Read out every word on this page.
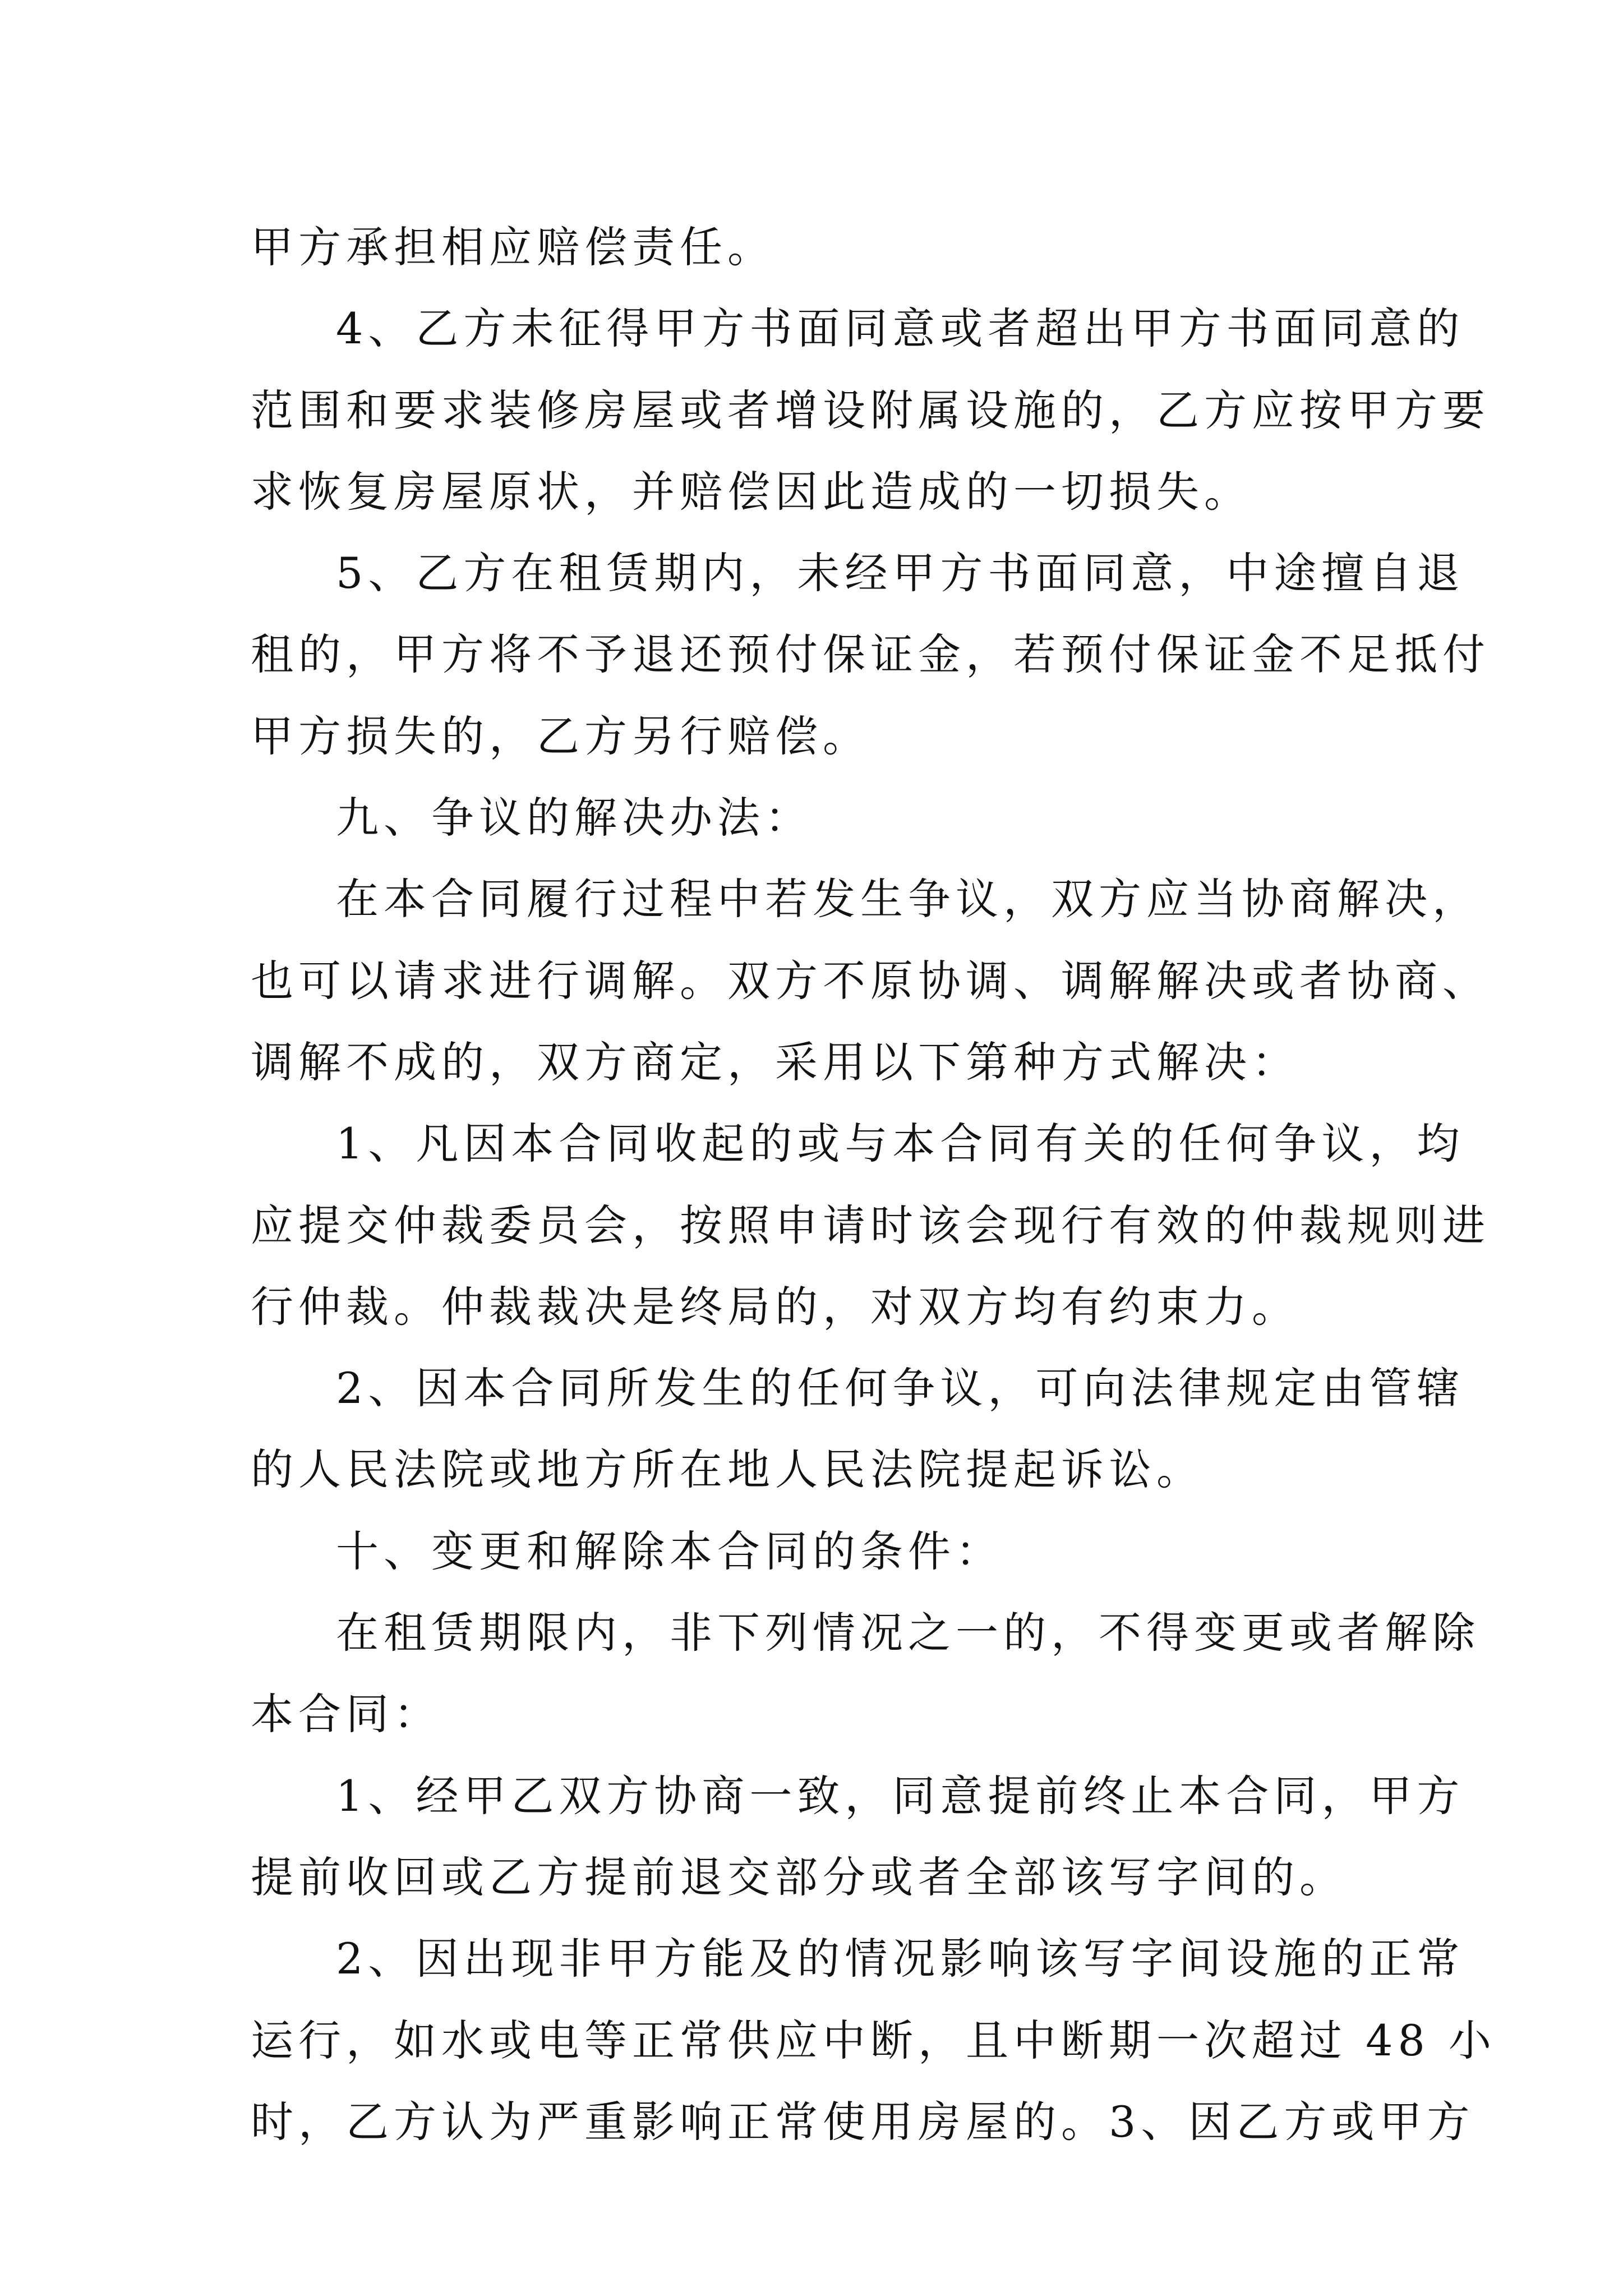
甲方承担相应赔偿责任。
4、乙方未征得甲方书面同意或者超出甲方书面同意的
范围和要求装修房屋或者增设附属设施的，乙方应按甲方要
求恢复房屋原状，并赔偿因此造成的一切损失。
5、乙方在租赁期内，未经甲方书面同意，中途擅自退
租的，甲方将不予退还预付保证金，若预付保证金不足抵付
甲方损失的，乙方另行赔偿。
九、争议的解决办法：
在本合同履行过程中若发生争议，双方应当协商解决，
也可以请求进行调解。双方不原协调、调解解决或者协商、
调解不成的，双方商定，采用以下第种方式解决：
1、凡因本合同收起的或与本合同有关的任何争议，均
应提交仲裁委员会，按照申请时该会现行有效的仲裁规则进
行仲裁。仲裁裁决是终局的，对双方均有约束力。
2、因本合同所发生的任何争议，可向法律规定由管辖
的人民法院或地方所在地人民法院提起诉讼。
十、变更和解除本合同的条件：
在租赁期限内，非下列情况之一的，不得变更或者解除
本合同：
1、经甲乙双方协商一致，同意提前终止本合同，甲方
提前收回或乙方提前退交部分或者全部该写字间的。
2、因出现非甲方能及的情况影响该写字间设施的正常
运行，如水或电等正常供应中断，且中断期一次超过 48 小
时，乙方认为严重影响正常使用房屋的。3、因乙方或甲方
